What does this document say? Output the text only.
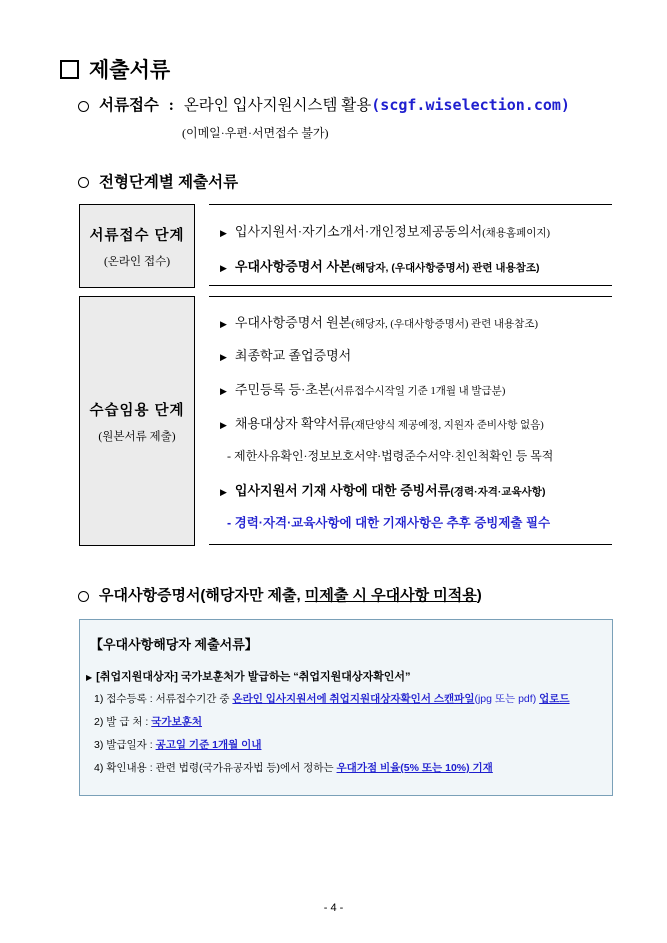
제출서류
서류접수 : 온라인 입사지원시스템 활용(scgf.wiselection.com)
(이메일·우편·서면접수 불가)
전형단계별 제출서류
서류접수 단계
(온라인 접수)
▶ 입사지원서·자기소개서·개인정보제공동의서(채용홈페이지)
▶ 우대사항증명서 사본(해당자, (우대사항증명서) 관련 내용참조)
수습임용 단계
(원본서류 제출)
▶ 우대사항증명서 원본(해당자, (우대사항증명서) 관련 내용참조)
▶ 최종학교 졸업증명서
▶ 주민등록 등·초본(서류접수시작일 기준 1개월 내 발급분)
▶ 채용대상자 확약서류(재단양식 제공예정, 지원자 준비사항 없음)
- 제한사유확인·정보보호서약·법령준수서약·친인척확인 등 목적
▶ 입사지원서 기재 사항에 대한 증빙서류(경력·자격·교육사항)
- 경력·자격·교육사항에 대한 기재사항은 추후 증빙제출 필수
우대사항증명서(해당자만 제출, 미제출 시 우대사항 미적용)
【우대사항해당자 제출서류】
▶ [취업지원대상자] 국가보훈처가 발급하는 “취업지원대상자확인서”
1) 접수등록 : 서류접수기간 중 온라인 입사지원서에 취업지원대상자확인서 스캔파일(jpg 또는 pdf) 업로드
2) 발 급 처 : 국가보훈처
3) 발급일자 : 공고일 기준 1개월 이내
4) 확인내용 : 관련 법령(국가유공자법 등)에서 정하는 우대가점 비율(5% 또는 10%) 기재
- 4 -
